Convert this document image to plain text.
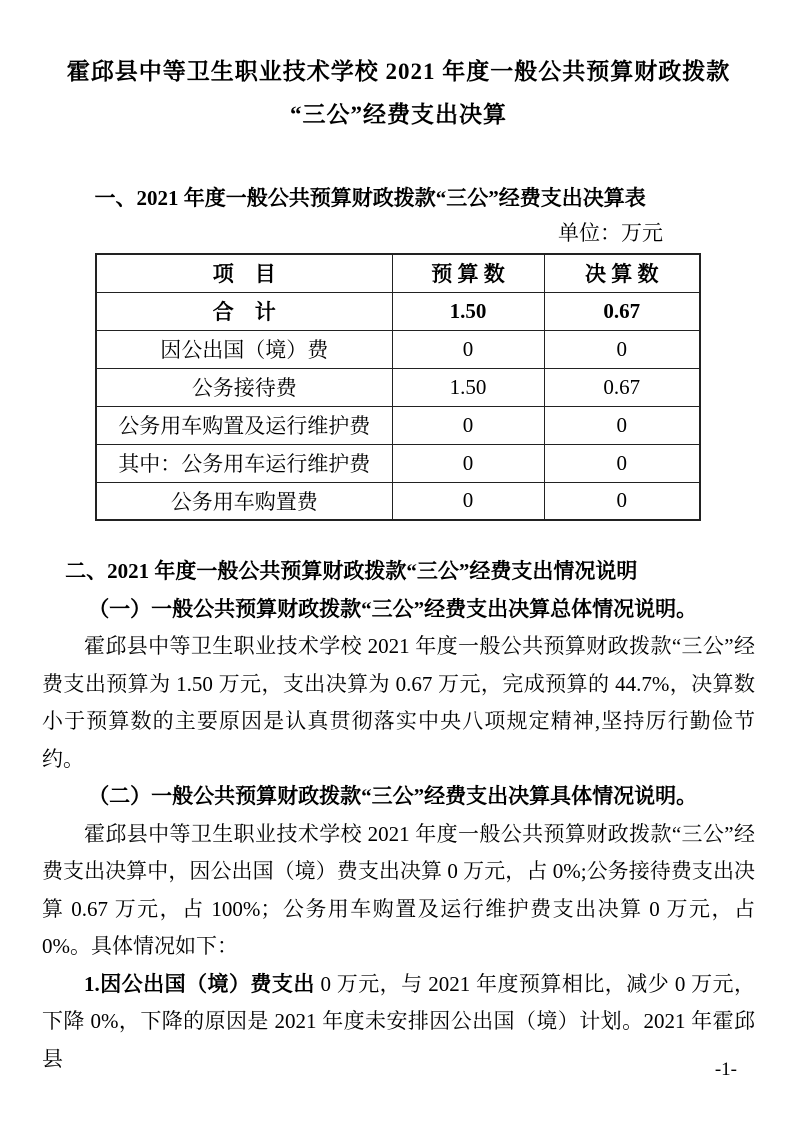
霍邱县中等卫生职业技术学校 2021 年度一般公共预算财政拨款
“三公”经费支出决算
一、2021 年度一般公共预算财政拨款“三公”经费支出决算表
单位：万元
项　目	预 算 数	决 算 数
合　计	1.50	0.67
因公出国（境）费	0	0
公务接待费	1.50	0.67
公务用车购置及运行维护费	0	0
其中：公务用车运行维护费	0	0
公务用车购置费	0	0
二、2021 年度一般公共预算财政拨款“三公”经费支出情况说明
（一）一般公共预算财政拨款“三公”经费支出决算总体情况说明。

霍邱县中等卫生职业技术学校 2021 年度一般公共预算财政拨款“三公”经费支出预算为 1.50 万元，支出决算为 0.67 万元，完成预算的 44.7%，决算数小于预算数的主要原因是认真贯彻落实中央八项规定精神,坚持厉行勤俭节约。

（二）一般公共预算财政拨款“三公”经费支出决算具体情况说明。

霍邱县中等卫生职业技术学校 2021 年度一般公共预算财政拨款“三公”经费支出决算中，因公出国（境）费支出决算 0 万元，占 0%;公务接待费支出决算 0.67 万元，占 100%；公务用车购置及运行维护费支出决算 0 万元，占 0%。具体情况如下：

1.因公出国（境）费支出 0 万元，与 2021 年度预算相比，减少 0 万元，下降 0%，下降的原因是 2021 年度未安排因公出国（境）计划。2021 年霍邱县	-1-
